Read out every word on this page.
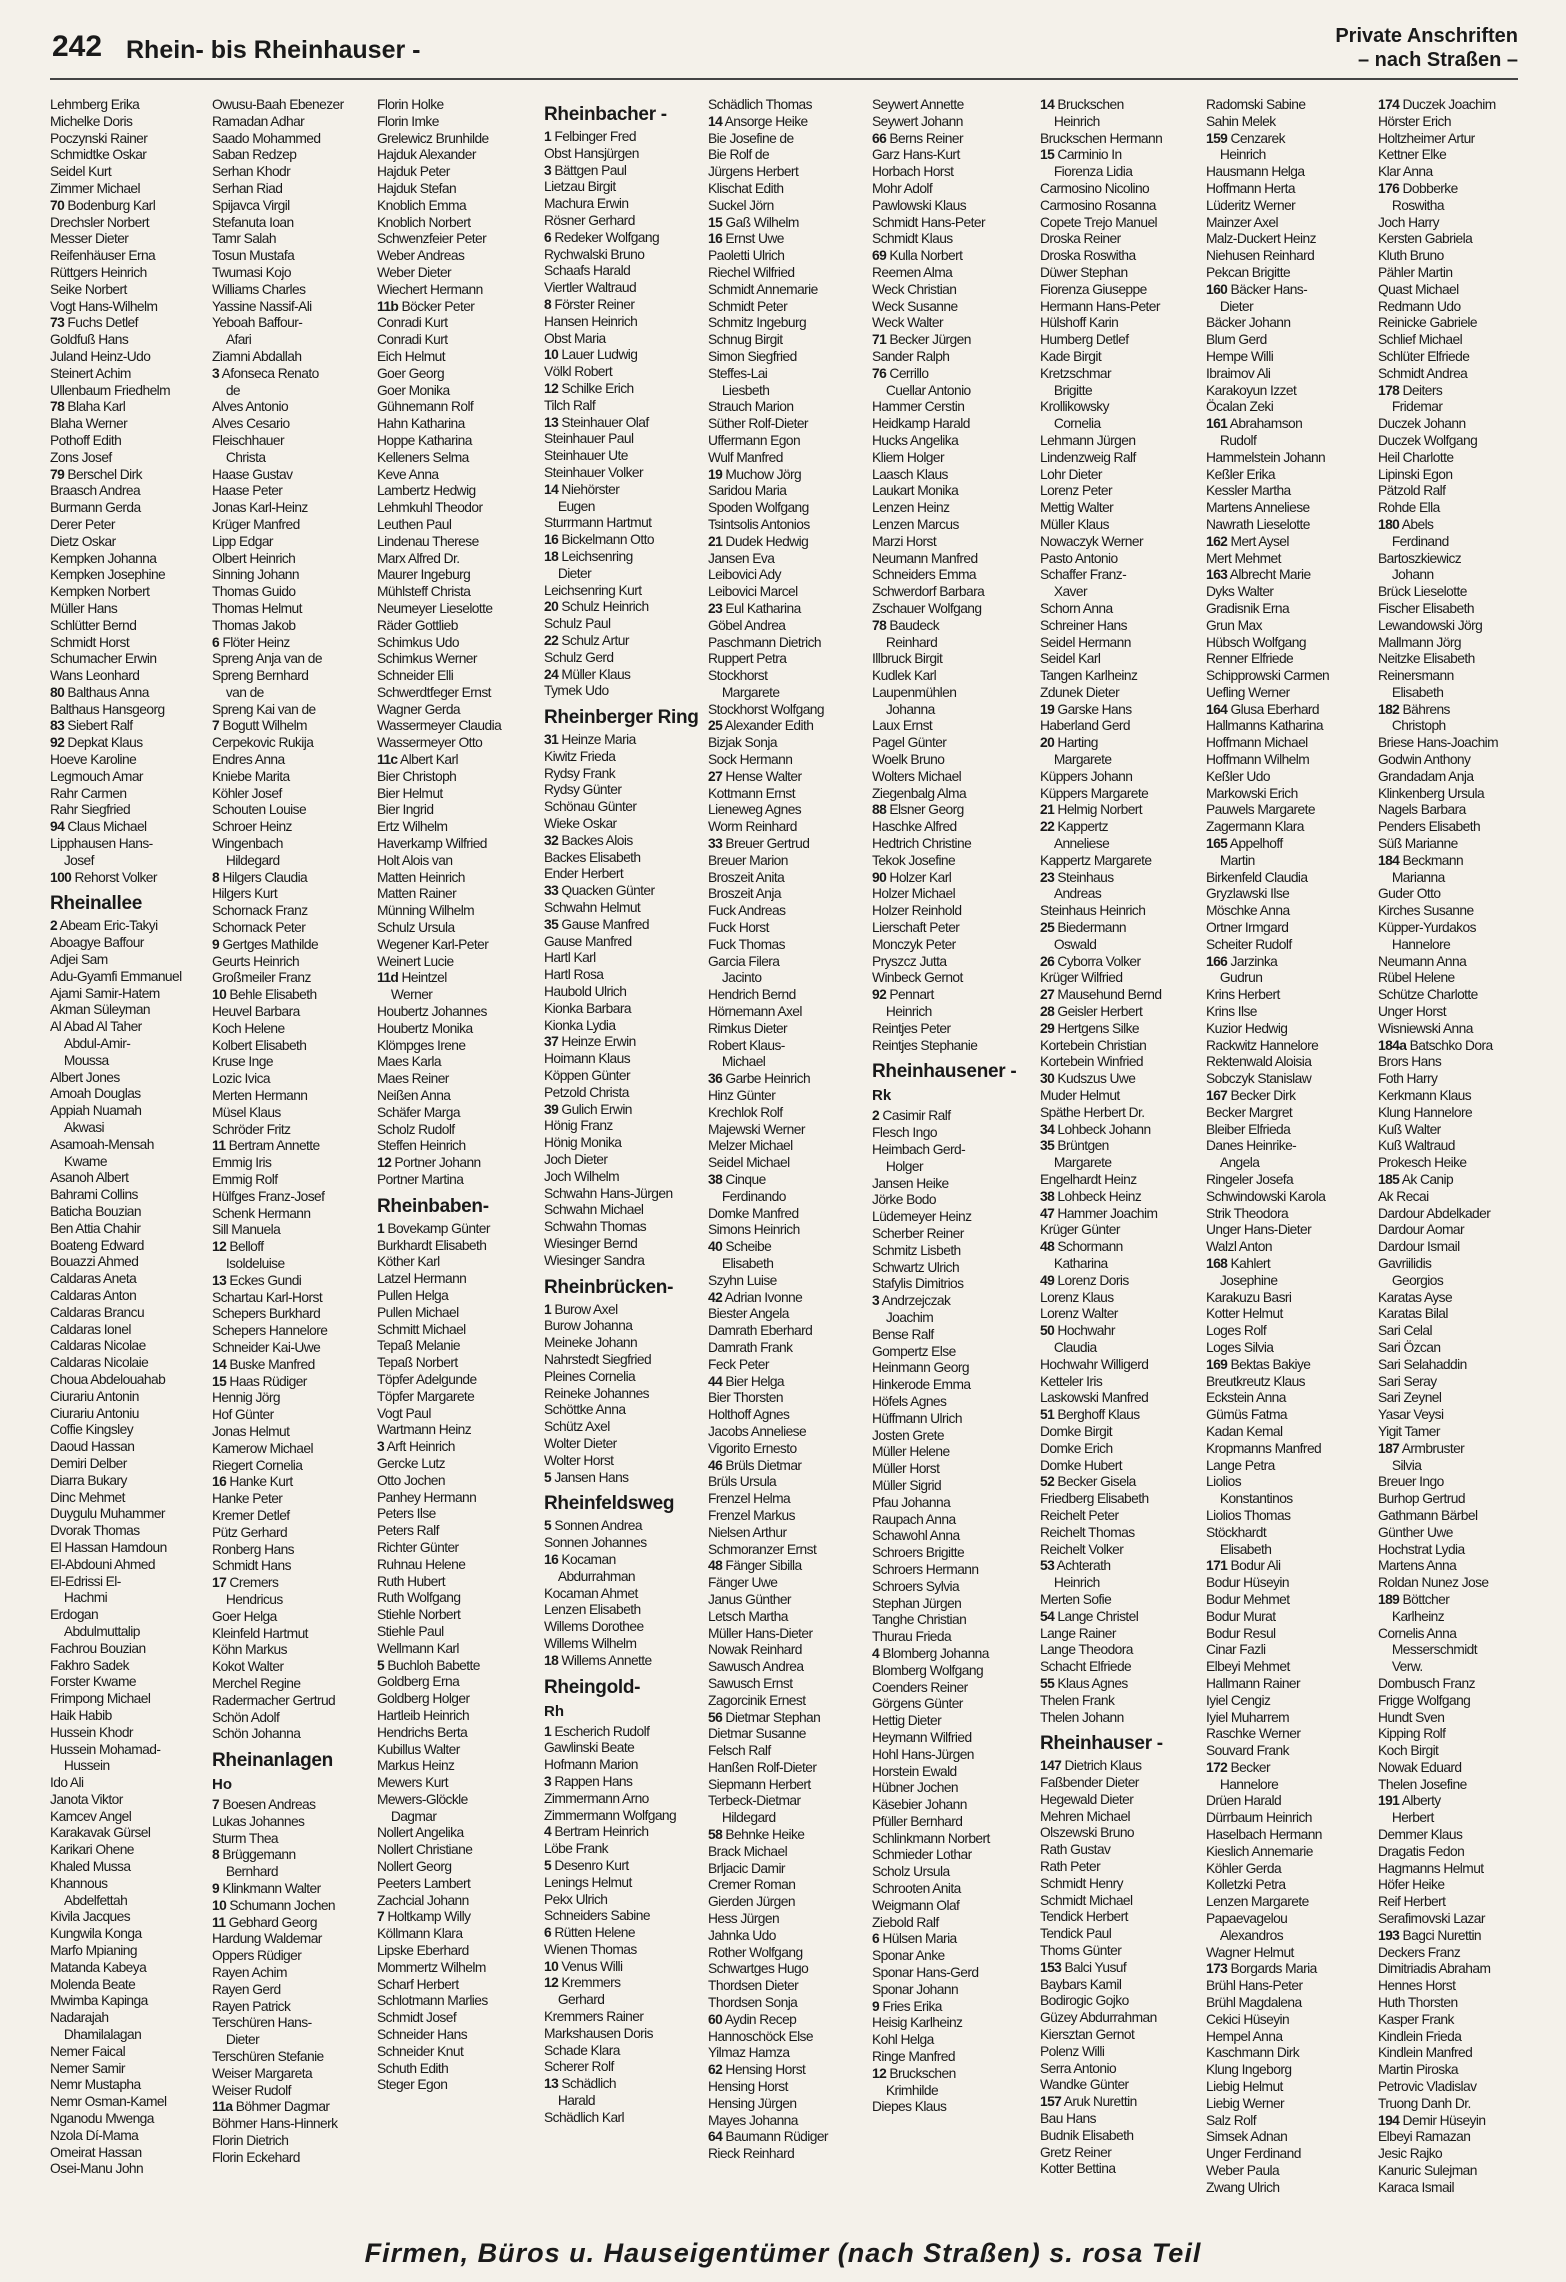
242 Rhein- bis Rheinhauser -	Private Anschriften
– nach Straßen –
Lehmberg Erika
Michelke Doris
Poczynski Rainer
Schmidtke Oskar
Seidel Kurt
Zimmer Michael
70 Bodenburg Karl
Drechsler Norbert
Messer Dieter
Reifenhäuser Erna
Rüttgers Heinrich
Seike Norbert
Vogt Hans-Wilhelm
73 Fuchs Detlef
Goldfuß Hans
Juland Heinz-Udo
Steinert Achim
Ullenbaum Friedhelm
78 Blaha Karl
Blaha Werner
Pothoff Edith
Zons Josef
79 Berschel Dirk
Braasch Andrea
Burmann Gerda
Derer Peter
Dietz Oskar
Kempken Johanna
Kempken Josephine
Kempken Norbert
Müller Hans
Schlütter Bernd
Schmidt Horst
Schumacher Erwin
Wans Leonhard
80 Balthaus Anna
Balthaus Hansgeorg
83 Siebert Ralf
92 Depkat Klaus
Hoeve Karoline
Legmouch Amar
Rahr Carmen
Rahr Siegfried
94 Claus Michael
Lipphausen Hans-
Josef
100 Rehorst Volker
Rheinallee
2 Abeam Eric-Takyi
Aboagye Baffour
Adjei Sam
Adu-Gyamfi Emmanuel
Ajami Samir-Hatem
Akman Süleyman
Al Abad Al Taher
Abdul-Amir-
Moussa
Albert Jones
Amoah Douglas
Appiah Nuamah
Akwasi
Asamoah-Mensah
Kwame
Asanoh Albert
Bahrami Collins
Baticha Bouzian
Ben Attia Chahir
Boateng Edward
Bouazzi Ahmed
Caldaras Aneta
Caldaras Anton
Caldaras Brancu
Caldaras Ionel
Caldaras Nicolae
Caldaras Nicolaie
Choua Abdelouahab
Ciurariu Antonin
Ciurariu Antoniu
Coffie Kingsley
Daoud Hassan
Demiri Delber
Diarra Bukary
Dinc Mehmet
Duygulu Muhammer
Dvorak Thomas
El Hassan Hamdoun
El-Abdouni Ahmed
El-Edrissi El-
Hachmi
Erdogan
Abdulmuttalip
Fachrou Bouzian
Fakhro Sadek
Forster Kwame
Frimpong Michael
Haik Habib
Hussein Khodr
Hussein Mohamad-
Hussein
Ido Ali
Janota Viktor
Kamcev Angel
Karakavak Gürsel
Karikari Ohene
Khaled Mussa
Khannous
Abdelfettah
Kivila Jacques
Kungwila Konga
Marfo Mpianing
Matanda Kabeya
Molenda Beate
Mwimba Kapinga
Nadarajah
Dhamilalagan
Nemer Faical
Nemer Samir
Nemr Mustapha
Nemr Osman-Kamel
Nganodu Mwenga
Nzola Dí-Mama
Omeirat Hassan
Osei-Manu John
Owusu-Baah Ebenezer
Ramadan Adhar
Saado Mohammed
Saban Redzep
Serhan Khodr
Serhan Riad
Spijavca Virgil
Stefanuta Ioan
Tamr Salah
Tosun Mustafa
Twumasi Kojo
Williams Charles
Yassine Nassif-Ali
Yeboah Baffour-
Afari
Ziamni Abdallah
3 Afonseca Renato
de
Alves Antonio
Alves Cesario
Fleischhauer
Christa
Haase Gustav
Haase Peter
Jonas Karl-Heinz
Krüger Manfred
Lipp Edgar
Olbert Heinrich
Sinning Johann
Thomas Guido
Thomas Helmut
Thomas Jakob
6 Flöter Heinz
Spreng Anja van de
Spreng Bernhard
van de
Spreng Kai van de
7 Bogutt Wilhelm
Cerpekovic Rukija
Endres Anna
Kniebe Marita
Köhler Josef
Schouten Louise
Schroer Heinz
Wingenbach
Hildegard
8 Hilgers Claudia
Hilgers Kurt
Schornack Franz
Schornack Peter
9 Gertges Mathilde
Geurts Heinrich
Großmeiler Franz
10 Behle Elisabeth
Heuvel Barbara
Koch Helene
Kolbert Elisabeth
Kruse Inge
Lozic Ivica
Merten Hermann
Müsel Klaus
Schröder Fritz
11 Bertram Annette
Emmig Iris
Emmig Rolf
Hülfges Franz-Josef
Schenk Hermann
Sill Manuela
12 Belloff
Isoldeluise
13 Eckes Gundi
Schartau Karl-Horst
Schepers Burkhard
Schepers Hannelore
Schneider Kai-Uwe
14 Buske Manfred
15 Haas Rüdiger
Hennig Jörg
Hof Günter
Jonas Helmut
Kamerow Michael
Riegert Cornelia
16 Hanke Kurt
Hanke Peter
Kremer Detlef
Pütz Gerhard
Ronberg Hans
Schmidt Hans
17 Cremers
Hendricus
Goer Helga
Kleinfeld Hartmut
Köhn Markus
Kokot Walter
Merchel Regine
Radermacher Gertrud
Schön Adolf
Schön Johanna
Rheinanlagen
Ho
7 Boesen Andreas
Lukas Johannes
Sturm Thea
8 Brüggemann
Bernhard
9 Klinkmann Walter
10 Schumann Jochen
11 Gebhard Georg
Hardung Waldemar
Oppers Rüdiger
Rayen Achim
Rayen Gerd
Rayen Patrick
Terschüren Hans-
Dieter
Terschüren Stefanie
Weiser Margareta
Weiser Rudolf
11a Böhmer Dagmar
Böhmer Hans-Hinnerk
Florin Dietrich
Florin Eckehard
Florin Holke
Florin Imke
Grelewicz Brunhilde
Hajduk Alexander
Hajduk Peter
Hajduk Stefan
Knoblich Emma
Knoblich Norbert
Schwenzfeier Peter
Weber Andreas
Weber Dieter
Wiechert Hermann
11b Böcker Peter
Conradi Kurt
Conradi Kurt
Eich Helmut
Goer Georg
Goer Monika
Gühnemann Rolf
Hahn Katharina
Hoppe Katharina
Kelleners Selma
Keve Anna
Lambertz Hedwig
Lehmkuhl Theodor
Leuthen Paul
Lindenau Therese
Marx Alfred Dr.
Maurer Ingeburg
Mühlsteff Christa
Neumeyer Lieselotte
Räder Gottlieb
Schimkus Udo
Schimkus Werner
Schneider Elli
Schwerdtfeger Ernst
Wagner Gerda
Wassermeyer Claudia
Wassermeyer Otto
11c Albert Karl
Bier Christoph
Bier Helmut
Bier Ingrid
Ertz Wilhelm
Haverkamp Wilfried
Holt Alois van
Matten Heinrich
Matten Rainer
Münning Wilhelm
Schulz Ursula
Wegener Karl-Peter
Weinert Lucie
11d Heintzel
Werner
Houbertz Johannes
Houbertz Monika
Klömpges Irene
Maes Karla
Maes Reiner
Neißen Anna
Schäfer Marga
Scholz Rudolf
Steffen Heinrich
12 Portner Johann
Portner Martina
Rheinbaben-
1 Bovekamp Günter
Burkhardt Elisabeth
Köther Karl
Latzel Hermann
Pullen Helga
Pullen Michael
Schmitt Michael
Tepaß Melanie
Tepaß Norbert
Töpfer Adelgunde
Töpfer Margarete
Vogt Paul
Wartmann Heinz
3 Arft Heinrich
Gercke Lutz
Otto Jochen
Panhey Hermann
Peters Ilse
Peters Ralf
Richter Günter
Ruhnau Helene
Ruth Hubert
Ruth Wolfgang
Stiehle Norbert
Stiehle Paul
Wellmann Karl
5 Buchloh Babette
Goldberg Erna
Goldberg Holger
Hartleib Heinrich
Hendrichs Berta
Kubillus Walter
Markus Heinz
Mewers Kurt
Mewers-Glöckle
Dagmar
Nollert Angelika
Nollert Christiane
Nollert Georg
Peeters Lambert
Zachcial Johann
7 Holtkamp Willy
Köllmann Klara
Lipske Eberhard
Mommertz Wilhelm
Scharf Herbert
Schlotmann Marlies
Schmidt Josef
Schneider Hans
Schneider Knut
Schuth Edith
Steger Egon
Rheinbacher -
1 Felbinger Fred
Obst Hansjürgen
3 Bättgen Paul
Lietzau Birgit
Machura Erwin
Rösner Gerhard
6 Redeker Wolfgang
Rychwalski Bruno
Schaafs Harald
Viertler Waltraud
8 Förster Reiner
Hansen Heinrich
Obst Maria
10 Lauer Ludwig
Völkl Robert
12 Schilke Erich
Tilch Ralf
13 Steinhauer Olaf
Steinhauer Paul
Steinhauer Ute
Steinhauer Volker
14 Niehörster
Eugen
Sturrmann Hartmut
16 Bickelmann Otto
18 Leichsenring
Dieter
Leichsenring Kurt
20 Schulz Heinrich
Schulz Paul
22 Schulz Artur
Schulz Gerd
24 Müller Klaus
Tymek Udo
Rheinberger Ring
31 Heinze Maria
Kiwitz Frieda
Rydsy Frank
Rydsy Günter
Schönau Günter
Wieke Oskar
32 Backes Alois
Backes Elisabeth
Ender Herbert
33 Quacken Günter
Schwahn Helmut
35 Gause Manfred
Gause Manfred
Hartl Karl
Hartl Rosa
Haubold Ulrich
Kionka Barbara
Kionka Lydia
37 Heinze Erwin
Hoimann Klaus
Köppen Günter
Petzold Christa
39 Gulich Erwin
Hönig Franz
Hönig Monika
Joch Dieter
Joch Wilhelm
Schwahn Hans-Jürgen
Schwahn Michael
Schwahn Thomas
Wiesinger Bernd
Wiesinger Sandra
Rheinbrücken-
1 Burow Axel
Burow Johanna
Meineke Johann
Nahrstedt Siegfried
Pleines Cornelia
Reineke Johannes
Schöttke Anna
Schütz Axel
Wolter Dieter
Wolter Horst
5 Jansen Hans
Rheinfeldsweg
5 Sonnen Andrea
Sonnen Johannes
16 Kocaman
Abdurrahman
Kocaman Ahmet
Lenzen Elisabeth
Willems Dorothee
Willems Wilhelm
18 Willems Annette
Rheingold-
Rh
1 Escherich Rudolf
Gawlinski Beate
Hofmann Marion
3 Rappen Hans
Zimmermann Arno
Zimmermann Wolfgang
4 Bertram Heinrich
Löbe Frank
5 Desenro Kurt
Lenings Helmut
Pekx Ulrich
Schneiders Sabine
6 Rütten Helene
Wienen Thomas
10 Venus Willi
12 Kremmers
Gerhard
Kremmers Rainer
Markshausen Doris
Schade Klara
Scherer Rolf
13 Schädlich
Harald
Schädlich Karl
Schädlich Thomas
14 Ansorge Heike
Bie Josefine de
Bie Rolf de
Jürgens Herbert
Klischat Edith
Suckel Jörn
15 Gaß Wilhelm
16 Ernst Uwe
Paoletti Ulrich
Riechel Wilfried
Schmidt Annemarie
Schmidt Peter
Schmitz Ingeburg
Schnug Birgit
Simon Siegfried
Steffes-Lai
Liesbeth
Strauch Marion
Süther Rolf-Dieter
Uffermann Egon
Wulf Manfred
19 Muchow Jörg
Saridou Maria
Spoden Wolfgang
Tsintsolis Antonios
21 Dudek Hedwig
Jansen Eva
Leibovici Ady
Leibovici Marcel
23 Eul Katharina
Göbel Andrea
Paschmann Dietrich
Ruppert Petra
Stockhorst
Margarete
Stockhorst Wolfgang
25 Alexander Edith
Bizjak Sonja
Sock Hermann
27 Hense Walter
Kottmann Ernst
Lieneweg Agnes
Worm Reinhard
33 Breuer Gertrud
Breuer Marion
Broszeit Anita
Broszeit Anja
Fuck Andreas
Fuck Horst
Fuck Thomas
Garcia Filera
Jacinto
Hendrich Bernd
Hörnemann Axel
Rimkus Dieter
Robert Klaus-
Michael
36 Garbe Heinrich
Hinz Günter
Krechlok Rolf
Majewski Werner
Melzer Michael
Seidel Michael
38 Cinque
Ferdinando
Domke Manfred
Simons Heinrich
40 Scheibe
Elisabeth
Szyhn Luise
42 Adrian Ivonne
Biester Angela
Damrath Eberhard
Damrath Frank
Feck Peter
44 Bier Helga
Bier Thorsten
Holthoff Agnes
Jacobs Anneliese
Vigorito Ernesto
46 Brüls Dietmar
Brüls Ursula
Frenzel Helma
Frenzel Markus
Nielsen Arthur
Schmoranzer Ernst
48 Fänger Sibilla
Fänger Uwe
Janus Günther
Letsch Martha
Müller Hans-Dieter
Nowak Reinhard
Sawusch Andrea
Sawusch Ernst
Zagorcinik Ernest
56 Dietmar Stephan
Dietmar Susanne
Felsch Ralf
Hanßen Rolf-Dieter
Siepmann Herbert
Terbeck-Dietmar
Hildegard
58 Behnke Heike
Brack Michael
Brljacic Damir
Cremer Roman
Gierden Jürgen
Hess Jürgen
Jahnka Udo
Rother Wolfgang
Schwartges Hugo
Thordsen Dieter
Thordsen Sonja
60 Aydin Recep
Hannoschöck Else
Yilmaz Hamza
62 Hensing Horst
Hensing Horst
Hensing Jürgen
Mayes Johanna
64 Baumann Rüdiger
Rieck Reinhard
Seywert Annette
Seywert Johann
66 Berns Reiner
Garz Hans-Kurt
Horbach Horst
Mohr Adolf
Pawlowski Klaus
Schmidt Hans-Peter
Schmidt Klaus
69 Kulla Norbert
Reemen Alma
Weck Christian
Weck Susanne
Weck Walter
71 Becker Jürgen
Sander Ralph
76 Cerrillo
Cuellar Antonio
Hammer Cerstin
Heidkamp Harald
Hucks Angelika
Kliem Holger
Laasch Klaus
Laukart Monika
Lenzen Heinz
Lenzen Marcus
Marzi Horst
Neumann Manfred
Schneiders Emma
Schwerdorf Barbara
Zschauer Wolfgang
78 Baudeck
Reinhard
Illbruck Birgit
Kudlek Karl
Laupenmühlen
Johanna
Laux Ernst
Pagel Günter
Woelk Bruno
Wolters Michael
Ziegenbalg Alma
88 Elsner Georg
Haschke Alfred
Hedtrich Christine
Tekok Josefine
90 Holzer Karl
Holzer Michael
Holzer Reinhold
Lierschaft Peter
Monczyk Peter
Pryszcz Jutta
Winbeck Gernot
92 Pennart
Heinrich
Reintjes Peter
Reintjes Stephanie
Rheinhausener -
Rk
2 Casimir Ralf
Flesch Ingo
Heimbach Gerd-
Holger
Jansen Heike
Jörke Bodo
Lüdemeyer Heinz
Scherber Reiner
Schmitz Lisbeth
Schwartz Ulrich
Stafylis Dimitrios
3 Andrzejczak
Joachim
Bense Ralf
Gompertz Else
Heinmann Georg
Hinkerode Emma
Höfels Agnes
Hüffmann Ulrich
Josten Grete
Müller Helene
Müller Horst
Müller Sigrid
Pfau Johanna
Raupach Anna
Schawohl Anna
Schroers Brigitte
Schroers Hermann
Schroers Sylvia
Stephan Jürgen
Tanghe Christian
Thurau Frieda
4 Blomberg Johanna
Blomberg Wolfgang
Coenders Reiner
Görgens Günter
Hettig Dieter
Heymann Wilfried
Hohl Hans-Jürgen
Horstein Ewald
Hübner Jochen
Käsebier Johann
Pfüller Bernhard
Schlinkmann Norbert
Schmieder Lothar
Scholz Ursula
Schrooten Anita
Weigmann Olaf
Ziebold Ralf
6 Hülsen Maria
Sponar Anke
Sponar Hans-Gerd
Sponar Johann
9 Fries Erika
Heisig Karlheinz
Kohl Helga
Ringe Manfred
12 Bruckschen
Krimhilde
Diepes Klaus
14 Bruckschen
Heinrich
Bruckschen Hermann
15 Carminio In
Fiorenza Lidia
Carmosino Nicolino
Carmosino Rosanna
Copete Trejo Manuel
Droska Reiner
Droska Roswitha
Düwer Stephan
Fiorenza Giuseppe
Hermann Hans-Peter
Hülshoff Karin
Humberg Detlef
Kade Birgit
Kretzschmar
Brigitte
Krollikowsky
Cornelia
Lehmann Jürgen
Lindenzweig Ralf
Lohr Dieter
Lorenz Peter
Mettig Walter
Müller Klaus
Nowaczyk Werner
Pasto Antonio
Schaffer Franz-
Xaver
Schorn Anna
Schreiner Hans
Seidel Hermann
Seidel Karl
Tangen Karlheinz
Zdunek Dieter
19 Garske Hans
Haberland Gerd
20 Harting
Margarete
Küppers Johann
Küppers Margarete
21 Helmig Norbert
22 Kappertz
Anneliese
Kappertz Margarete
23 Steinhaus
Andreas
Steinhaus Heinrich
25 Biedermann
Oswald
26 Cyborra Volker
Krüger Wilfried
27 Mausehund Bernd
28 Geisler Herbert
29 Hertgens Silke
Kortebein Christian
Kortebein Winfried
30 Kudszus Uwe
Muder Helmut
Späthe Herbert Dr.
34 Lohbeck Johann
35 Brüntgen
Margarete
Engelhardt Heinz
38 Lohbeck Heinz
47 Hammer Joachim
Krüger Günter
48 Schormann
Katharina
49 Lorenz Doris
Lorenz Klaus
Lorenz Walter
50 Hochwahr
Claudia
Hochwahr Willigerd
Ketteler Iris
Laskowski Manfred
51 Berghoff Klaus
Domke Birgit
Domke Erich
Domke Hubert
52 Becker Gisela
Friedberg Elisabeth
Reichelt Peter
Reichelt Thomas
Reichelt Volker
53 Achterath
Heinrich
Merten Sofie
54 Lange Christel
Lange Rainer
Lange Theodora
Schacht Elfriede
55 Klaus Agnes
Thelen Frank
Thelen Johann
Rheinhauser -
147 Dietrich Klaus
Faßbender Dieter
Hegewald Dieter
Mehren Michael
Olszewski Bruno
Rath Gustav
Rath Peter
Schmidt Henry
Schmidt Michael
Tendick Herbert
Tendick Paul
Thoms Günter
153 Balci Yusuf
Baybars Kamil
Bodirogic Gojko
Güzey Abdurrahman
Kiersztan Gernot
Polenz Willi
Serra Antonio
Wandke Günter
157 Aruk Nurettin
Bau Hans
Budnik Elisabeth
Gretz Reiner
Kotter Bettina
Radomski Sabine
Sahin Melek
159 Cenzarek
Heinrich
Hausmann Helga
Hoffmann Herta
Lüderitz Werner
Mainzer Axel
Malz-Duckert Heinz
Niehusen Reinhard
Pekcan Brigitte
160 Bäcker Hans-
Dieter
Bäcker Johann
Blum Gerd
Hempe Willi
Ibraimov Ali
Karakoyun Izzet
Öcalan Zeki
161 Abrahamson
Rudolf
Hammelstein Johann
Keßler Erika
Kessler Martha
Martens Anneliese
Nawrath Lieselotte
162 Mert Aysel
Mert Mehmet
163 Albrecht Marie
Dyks Walter
Gradisnik Erna
Grun Max
Hübsch Wolfgang
Renner Elfriede
Schipprowski Carmen
Uefling Werner
164 Glusa Eberhard
Hallmanns Katharina
Hoffmann Michael
Hoffmann Wilhelm
Keßler Udo
Markowski Erich
Pauwels Margarete
Zagermann Klara
165 Appelhoff
Martin
Birkenfeld Claudia
Gryzlawski Ilse
Möschke Anna
Ortner Irmgard
Scheiter Rudolf
166 Jarzinka
Gudrun
Krins Herbert
Krins Ilse
Kuzior Hedwig
Rackwitz Hannelore
Rektenwald Aloisia
Sobczyk Stanislaw
167 Becker Dirk
Becker Margret
Bleiber Elfrieda
Danes Heinrike-
Angela
Ringeler Josefa
Schwindowski Karola
Strik Theodora
Unger Hans-Dieter
Walzl Anton
168 Kahlert
Josephine
Karakuzu Basri
Kotter Helmut
Loges Rolf
Loges Silvia
169 Bektas Bakiye
Breutkreutz Klaus
Eckstein Anna
Gümüs Fatma
Kadan Kemal
Kropmanns Manfred
Lange Petra
Liolios
Konstantinos
Liolios Thomas
Stöckhardt
Elisabeth
171 Bodur Ali
Bodur Hüseyin
Bodur Mehmet
Bodur Murat
Bodur Resul
Cinar Fazli
Elbeyi Mehmet
Hallmann Rainer
Iyiel Cengiz
Iyiel Muharrem
Raschke Werner
Souvard Frank
172 Becker
Hannelore
Drüen Harald
Dürrbaum Heinrich
Haselbach Hermann
Kieslich Annemarie
Köhler Gerda
Kolletzki Petra
Lenzen Margarete
Papaevagelou
Alexandros
Wagner Helmut
173 Borgards Maria
Brühl Hans-Peter
Brühl Magdalena
Cekici Hüseyin
Hempel Anna
Kaschmann Dirk
Klung Ingeborg
Liebig Helmut
Liebig Werner
Salz Rolf
Simsek Adnan
Unger Ferdinand
Weber Paula
Zwang Ulrich
174 Duczek Joachim
Hörster Erich
Holtzheimer Artur
Kettner Elke
Klar Anna
176 Dobberke
Roswitha
Joch Harry
Kersten Gabriela
Kluth Bruno
Pähler Martin
Quast Michael
Redmann Udo
Reinicke Gabriele
Schlief Michael
Schlüter Elfriede
Schmidt Andrea
178 Deiters
Fridemar
Duczek Johann
Duczek Wolfgang
Heil Charlotte
Lipinski Egon
Pätzold Ralf
Rohde Ella
180 Abels
Ferdinand
Bartoszkiewicz
Johann
Brück Lieselotte
Fischer Elisabeth
Lewandowski Jörg
Mallmann Jörg
Neitzke Elisabeth
Reinersmann
Elisabeth
182 Bährens
Christoph
Briese Hans-Joachim
Godwin Anthony
Grandadam Anja
Klinkenberg Ursula
Nagels Barbara
Penders Elisabeth
Süß Marianne
184 Beckmann
Marianna
Guder Otto
Kirches Susanne
Küpper-Yurdakos
Hannelore
Neumann Anna
Rübel Helene
Schütze Charlotte
Unger Horst
Wisniewski Anna
184a Batschko Dora
Brors Hans
Foth Harry
Kerkmann Klaus
Klung Hannelore
Kuß Walter
Kuß Waltraud
Prokesch Heike
185 Ak Canip
Ak Recai
Dardour Abdelkader
Dardour Aomar
Dardour Ismail
Gavriilidis
Georgios
Karatas Ayse
Karatas Bilal
Sari Celal
Sari Özcan
Sari Selahaddin
Sari Seray
Sari Zeynel
Yasar Veysi
Yigit Tamer
187 Armbruster
Silvia
Breuer Ingo
Burhop Gertrud
Gathmann Bärbel
Günther Uwe
Hochstrat Lydia
Martens Anna
Roldan Nunez Jose
189 Böttcher
Karlheinz
Cornelis Anna
Messerschmidt
Verw.
Dombusch Franz
Frigge Wolfgang
Hundt Sven
Kipping Rolf
Koch Birgit
Nowak Eduard
Thelen Josefine
191 Alberty
Herbert
Demmer Klaus
Dragatis Fedon
Hagmanns Helmut
Höfer Heike
Reif Herbert
Serafimovski Lazar
193 Bagci Nurettin
Deckers Franz
Dimitriadis Abraham
Hennes Horst
Huth Thorsten
Kasper Frank
Kindlein Frieda
Kindlein Manfred
Martin Piroska
Petrovic Vladislav
Truong Danh Dr.
194 Demir Hüseyin
Elbeyi Ramazan
Jesic Rajko
Kanuric Sulejman
Karaca Ismail
Firmen, Büros u. Hauseigentümer (nach Straßen) s. rosa Teil
